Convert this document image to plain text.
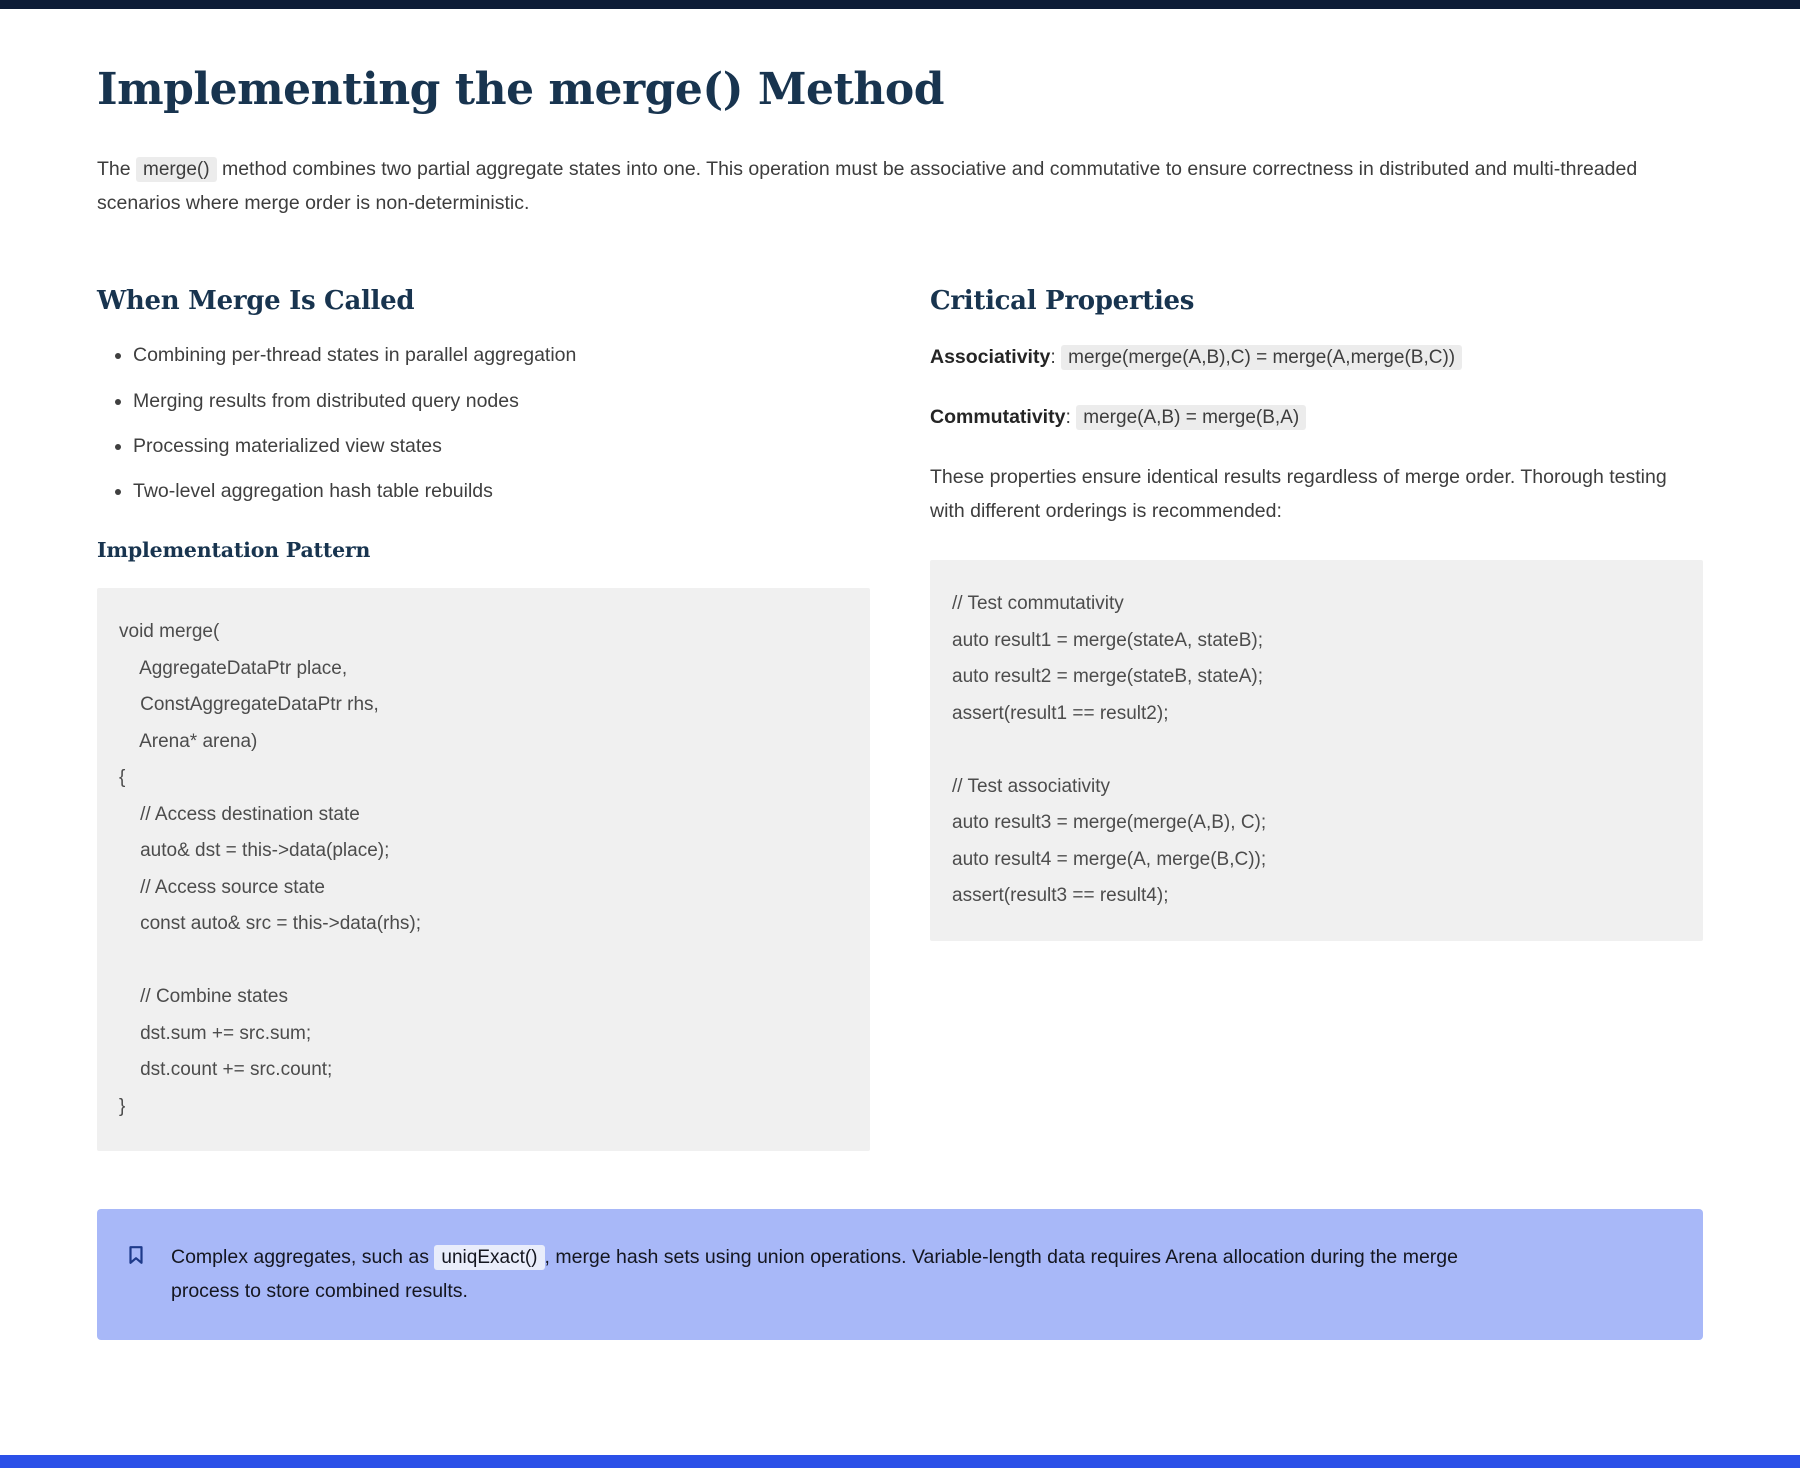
Implementing the merge() Method

The merge() method combines two partial aggregate states into one. This operation must be associative and commutative to ensure correctness in distributed and multi-threaded scenarios where merge order is non-deterministic.

When Merge Is Called
• Combining per-thread states in parallel aggregation
• Merging results from distributed query nodes
• Processing materialized view states
• Two-level aggregation hash table rebuilds
Implementation Pattern
void merge(
AggregateDataPtr place,
ConstAggregateDataPtr rhs,
Arena* arena)
{
// Access destination state
auto& dst = this->data(place);
// Access source state
const auto& src = this->data(rhs);

// Combine states
dst.sum += src.sum;
dst.count += src.count;
}
Critical Properties

Associativity: merge(merge(A,B),C) = merge(A,merge(B,C))

Commutativity: merge(A,B) = merge(B,A)

These properties ensure identical results regardless of merge order. Thorough testing with different orderings is recommended:

// Test commutativity
auto result1 = merge(stateA, stateB);
auto result2 = merge(stateB, stateA);
assert(result1 == result2);

// Test associativity
auto result3 = merge(merge(A,B), C);
auto result4 = merge(A, merge(B,C));
assert(result3 == result4);

Complex aggregates, such as uniqExact() , merge hash sets using union operations. Variable-length data requires Arena allocation during the merge process to store combined results.
